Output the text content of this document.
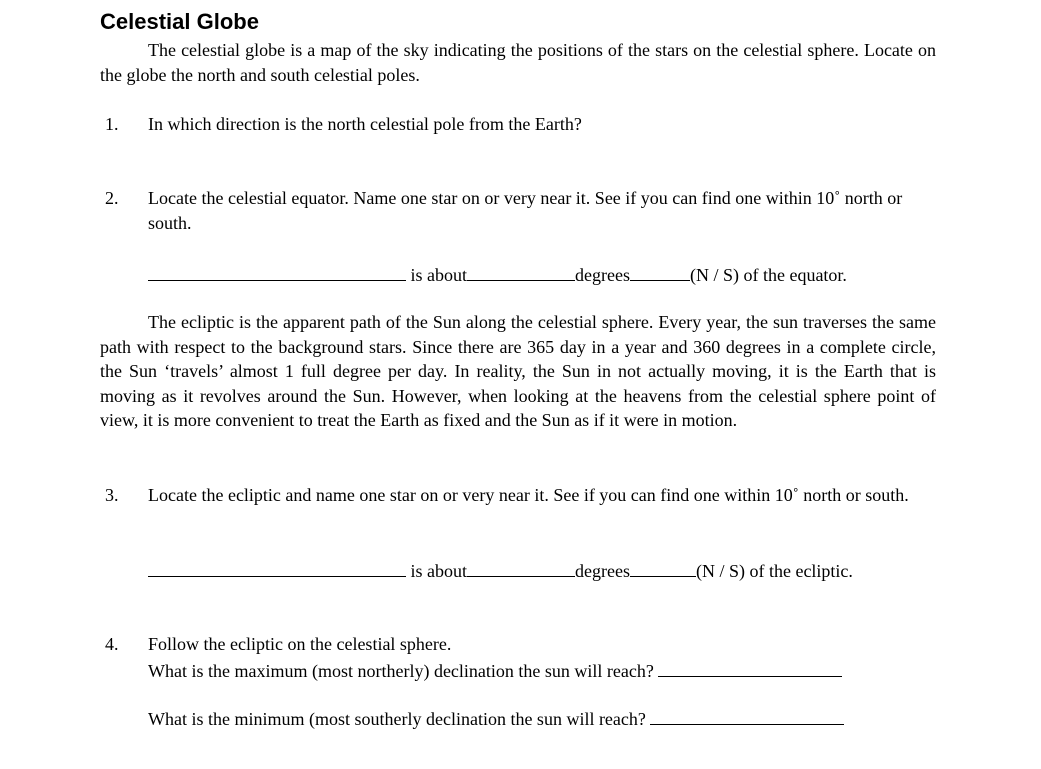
Celestial Globe

The celestial globe is a map of the sky indicating the positions of the stars on the celestial sphere. Locate on the globe the north and south celestial poles.

1. In which direction is the north celestial pole from the Earth?
2. Locate the celestial equator. Name one star on or very near it. See if you can find one within 10˚ north or south.
is about	degrees	(N / S) of the equator.

The ecliptic is the apparent path of the Sun along the celestial sphere. Every year, the sun traverses the same path with respect to the background stars. Since there are 365 day in a year and 360 degrees in a complete circle, the Sun ‘travels’ almost 1 full degree per day. In reality, the Sun in not actually moving, it is the Earth that is moving as it revolves around the Sun. However, when looking at the heavens from the celestial sphere point of view, it is more convenient to treat the Earth as fixed and the Sun as if it were in motion.

3. Locate the ecliptic and name one star on or very near it. See if you can find one within 10˚ north or south.
is about	degrees	(N / S) of the ecliptic.
4. Follow the ecliptic on the celestial sphere.
What is the maximum (most northerly) declination the sun will reach?
What is the minimum (most southerly declination the sun will reach?
